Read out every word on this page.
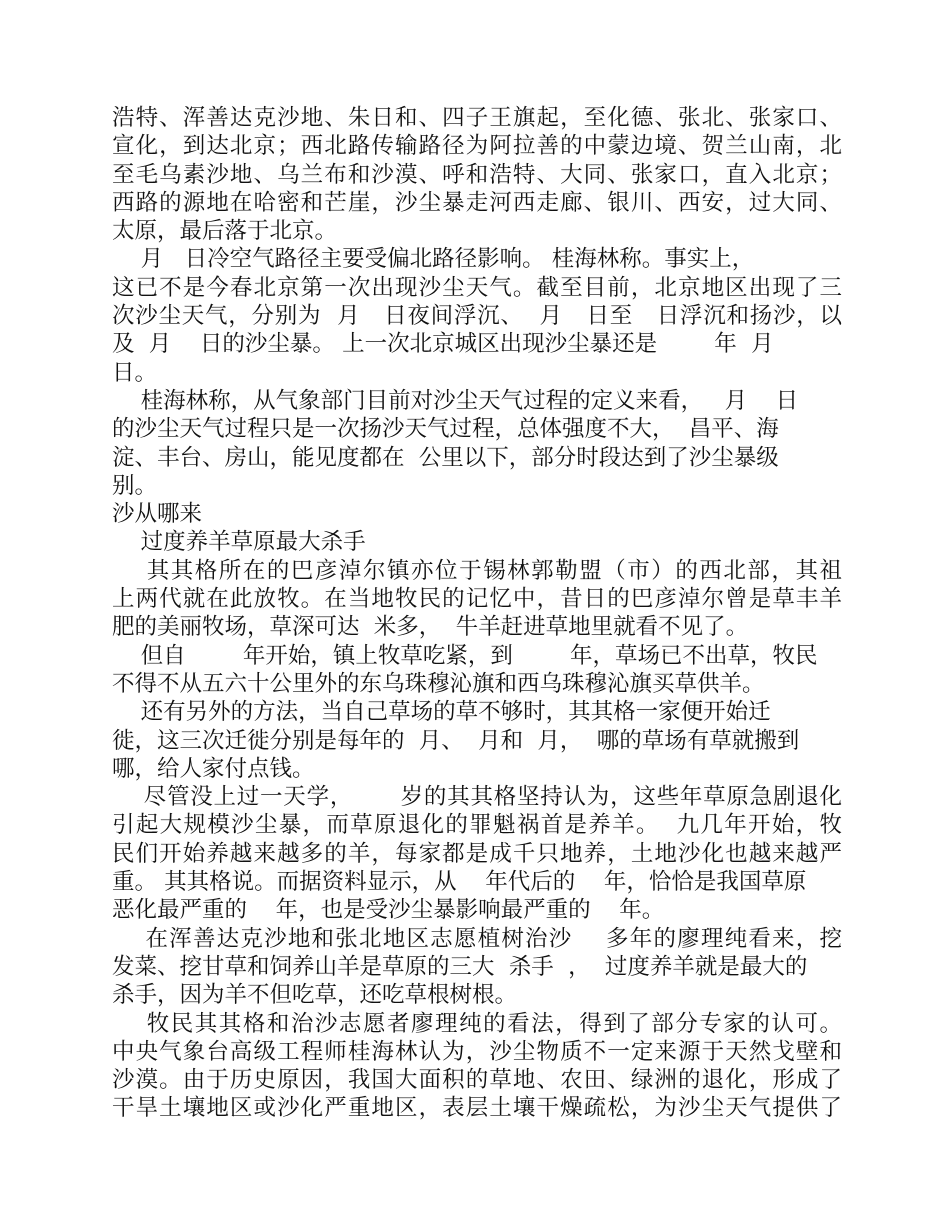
浩特、浑善达克沙地、朱日和、四子王旗起，至化德、张北、张家口、
宣化，到达北京；西北路传输路径为阿拉善的中蒙边境、贺兰山南，北
至毛乌素沙地、乌兰布和沙漠、呼和浩特、大同、张家口，直入北京；
西路的源地在哈密和芒崖，沙尘暴走河西走廊、银川、西安，过大同、
太原，最后落于北京。
月   日冷空气路径主要受偏北路径影响。 桂海林称。事实上，
这已不是今春北京第一次出现沙尘天气。截至目前，北京地区出现了三
次沙尘天气，分别为  月   日夜间浮沉、  月   日至   日浮沉和扬沙，以
及  月    日的沙尘暴。 上一次北京城区出现沙尘暴还是        年  月
日。
桂海林称，从气象部门目前对沙尘天气过程的定义来看，   月    日
的沙尘天气过程只是一次扬沙天气过程，总体强度不大，  昌平、海
淀、丰台、房山，能见度都在  公里以下，部分时段达到了沙尘暴级
别。
沙从哪来
过度养羊草原最大杀手
其其格所在的巴彦淖尔镇亦位于锡林郭勒盟（市）的西北部，其祖
上两代就在此放牧。在当地牧民的记忆中，昔日的巴彦淖尔曾是草丰羊
肥的美丽牧场，草深可达  米多，  牛羊赶进草地里就看不见了。
但自        年开始，镇上牧草吃紧，到        年，草场已不出草，牧民
不得不从五六十公里外的东乌珠穆沁旗和西乌珠穆沁旗买草供羊。
还有另外的方法，当自己草场的草不够时，其其格一家便开始迁
徙，这三次迁徙分别是每年的  月、  月和  月，  哪的草场有草就搬到
哪，给人家付点钱。
尽管没上过一天学，      岁的其其格坚持认为，这些年草原急剧退化
引起大规模沙尘暴，而草原退化的罪魁祸首是养羊。  九几年开始，牧
民们开始养越来越多的羊，每家都是成千只地养，土地沙化也越来越严
重。 其其格说。而据资料显示，从    年代后的    年，恰恰是我国草原
恶化最严重的    年，也是受沙尘暴影响最严重的    年。
在浑善达克沙地和张北地区志愿植树治沙    多年的廖理纯看来，挖
发菜、挖甘草和饲养山羊是草原的三大  杀手  ，  过度养羊就是最大的
杀手，因为羊不但吃草，还吃草根树根。
牧民其其格和治沙志愿者廖理纯的看法，得到了部分专家的认可。
中央气象台高级工程师桂海林认为，沙尘物质不一定来源于天然戈壁和
沙漠。由于历史原因，我国大面积的草地、农田、绿洲的退化，形成了
干旱土壤地区或沙化严重地区，表层土壤干燥疏松，为沙尘天气提供了
